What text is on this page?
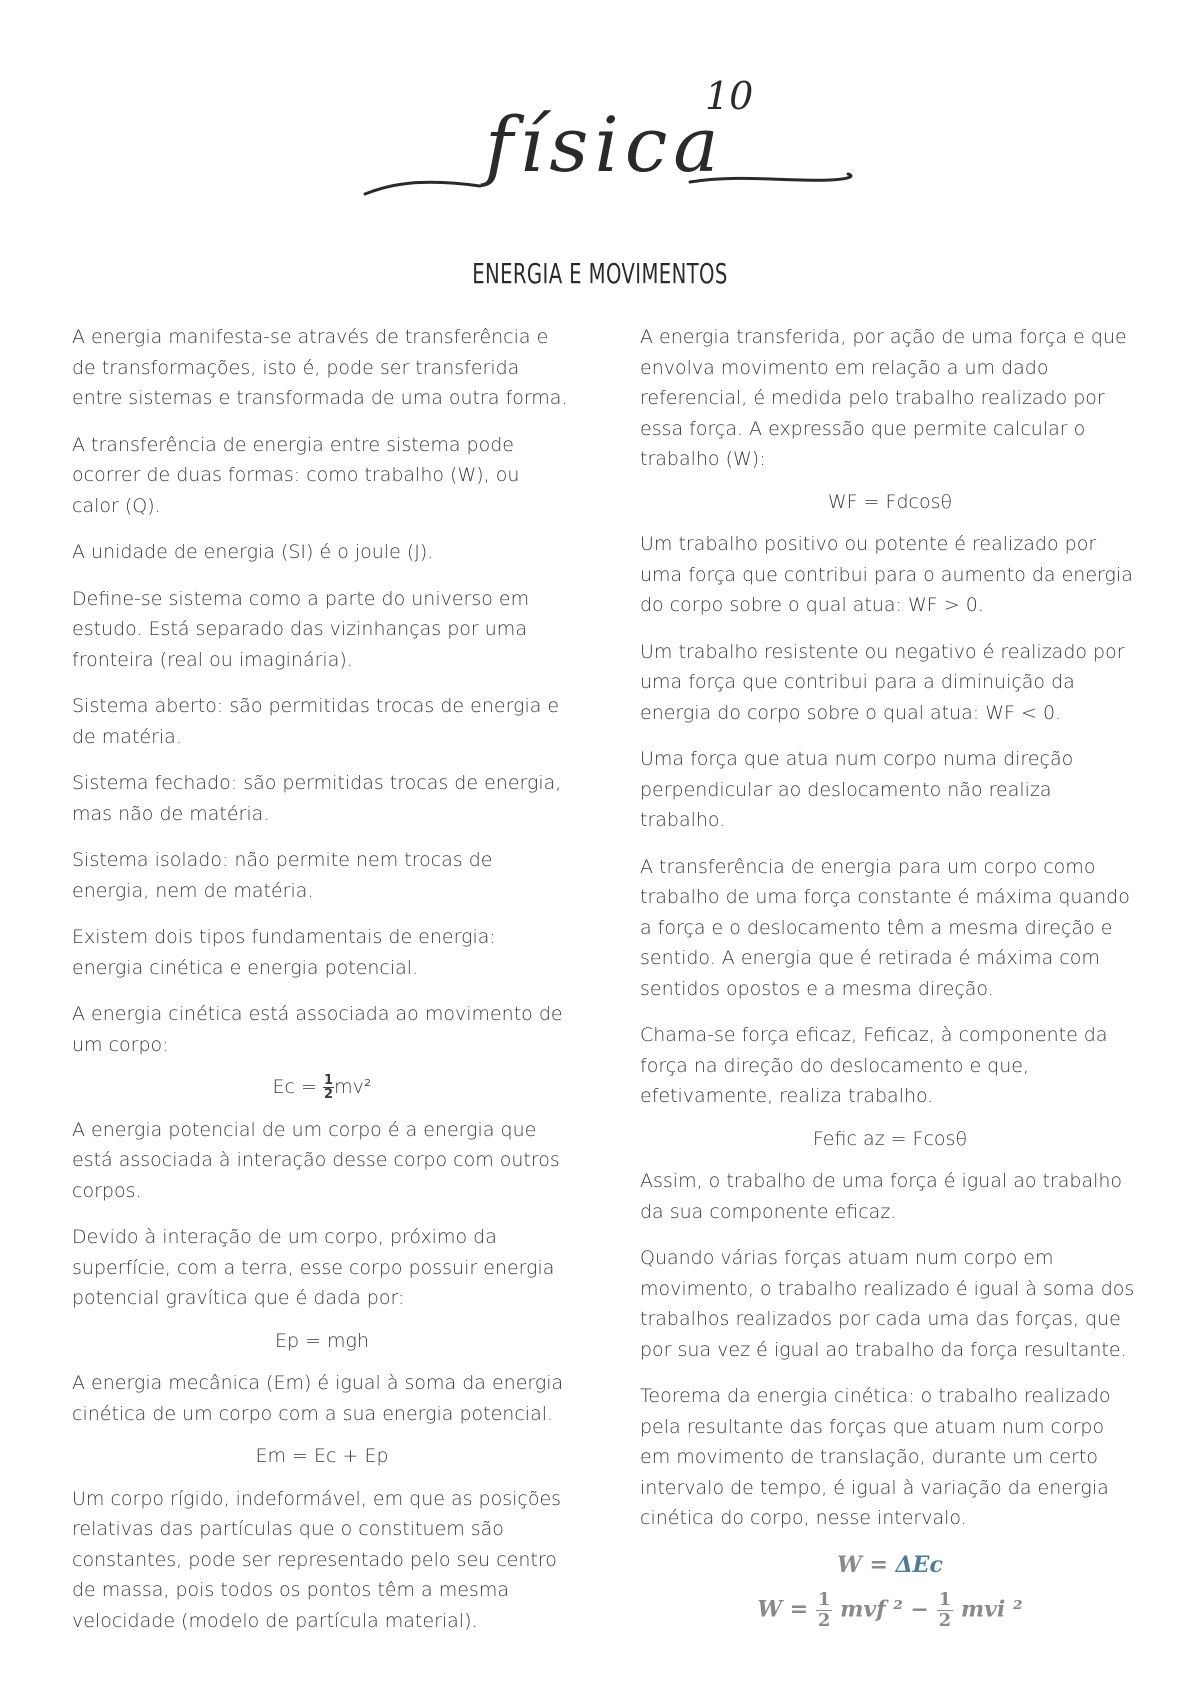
física
10
ENERGIA E MOVIMENTOS

A energia manifesta-se através de transferência e de transformações, isto é, pode ser transferida entre sistemas e transformada de uma outra forma.

A transferência de energia entre sistema pode ocorrer de duas formas: como trabalho (W), ou calor (Q).

A unidade de energia (SI) é o joule (J).

Define-se sistema como a parte do universo em estudo. Está separado das vizinhanças por uma fronteira (real ou imaginária).

Sistema aberto: são permitidas trocas de energia e de matéria.

Sistema fechado: são permitidas trocas de energia, mas não de matéria.

Sistema isolado: não permite nem trocas de energia, nem de matéria.

Existem dois tipos fundamentais de energia: energia cinética e energia potencial.

A energia cinética está associada ao movimento de um corpo:

$Ec = \frac{1}{2} mv^2$

A energia potencial de um corpo é a energia que está associada à interação desse corpo com outros corpos.

Devido à interação de um corpo, próximo da superfície, com a terra, esse corpo possuir energia potencial gravítica que é dada por:

Ep = mgh

A energia mecânica (Em) é igual à soma da energia cinética de um corpo com a sua energia potencial.

Em = Ec + Ep

Um corpo rígido, indeformável, em que as posições relativas das partículas que o constituem são constantes, pode ser representado pelo seu centro de massa, pois todos os pontos têm a mesma velocidade (modelo de partícula material).

A energia transferida, por ação de uma força e que envolva movimento em relação a um dado referencial, é medida pelo trabalho realizado por essa força. A expressão que permite calcular o trabalho (W):

WF = Fdcosθ

Um trabalho positivo ou potente é realizado por uma força que contribui para o aumento da energia do corpo sobre o qual atua: WF > 0.

Um trabalho resistente ou negativo é realizado por uma força que contribui para a diminuição da energia do corpo sobre o qual atua: WF < 0.

Uma força que atua num corpo numa direção perpendicular ao deslocamento não realiza trabalho.

A transferência de energia para um corpo como trabalho de uma força constante é máxima quando a força e o deslocamento têm a mesma direção e sentido. A energia que é retirada é máxima com sentidos opostos e a mesma direção.

Chama-se força eficaz, Feficaz, à componente da força na direção do deslocamento e que, efetivamente, realiza trabalho.

Fefic az = Fcosθ

Assim, o trabalho de uma força é igual ao trabalho da sua componente eficaz.

Quando várias forças atuam num corpo em movimento, o trabalho realizado é igual à soma dos trabalhos realizados por cada uma das forças, que por sua vez é igual ao trabalho da força resultante.

Teorema da energia cinética: o trabalho realizado pela resultante das forças que atuam num corpo em movimento de translação, durante um certo intervalo de tempo, é igual à variação da energia cinética do corpo, nesse intervalo.

W = ΔEc
$W = \frac{1}{2}$ mvf $^2 - \frac{1}{2}$ mvi ²
